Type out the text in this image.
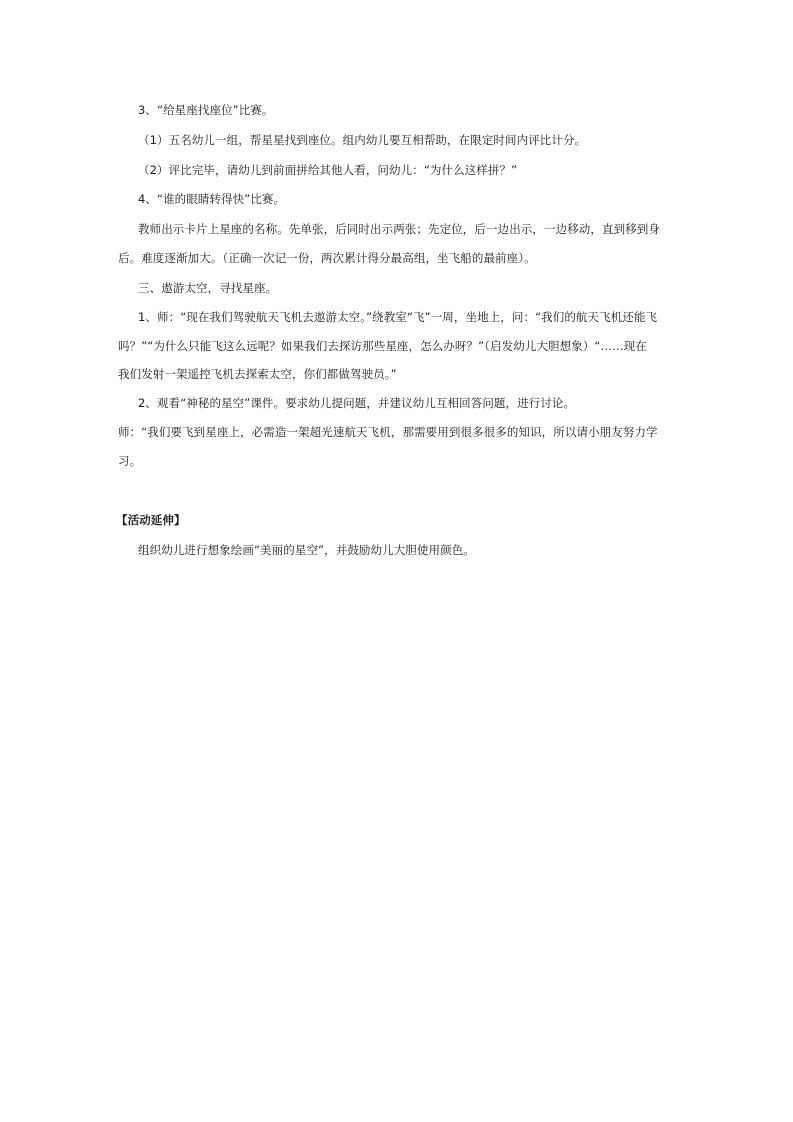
3、“给星座找座位”比赛。
（1）五名幼儿一组，帮星星找到座位。组内幼儿要互相帮助，在限定时间内评比计分。
（2）评比完毕，请幼儿到前面拼给其他人看，问幼儿：“为什么这样拼？”
4、“谁的眼睛转得快”比赛。
教师出示卡片上星座的名称。先单张，后同时出示两张；先定位，后一边出示，一边移动，直到移到身
后。难度逐渐加大。（正确一次记一份，两次累计得分最高组，坐飞船的最前座）。
三、遨游太空，寻找星座。
1、师：“现在我们驾驶航天飞机去遨游太空。”绕教室“飞”一周，坐地上，问：“我们的航天飞机还能飞
吗？”“为什么只能飞这么远呢？如果我们去探访那些星座，怎么办呀？”（启发幼儿大胆想象）“……现在
我们发射一架遥控飞机去探索太空，你们都做驾驶员。”
2、观看“神秘的星空”课件。要求幼儿提问题，并建议幼儿互相回答问题，进行讨论。
师：“我们要飞到星座上，必需造一架超光速航天飞机，那需要用到很多很多的知识，所以请小朋友努力学
习。
【活动延伸】
组织幼儿进行想象绘画“美丽的星空”，并鼓励幼儿大胆使用颜色。
